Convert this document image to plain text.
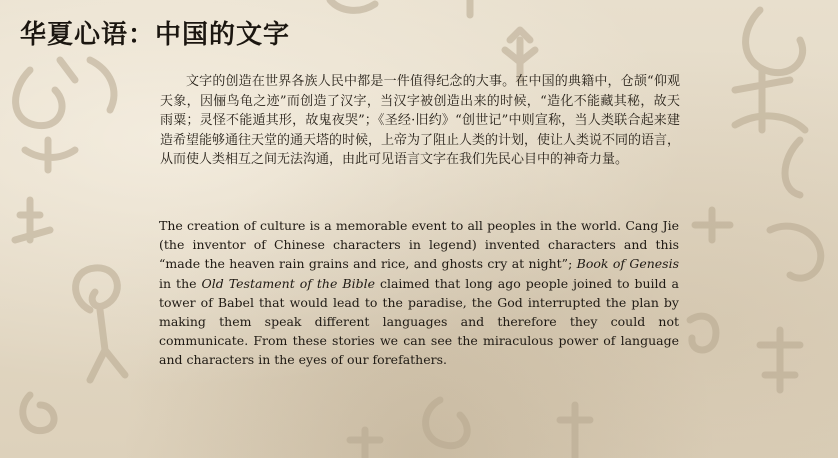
华夏心语：中国的文字

文字的创造在世界各族人民中都是一件值得纪念的大事。在中国的典籍中，仓颉“仰观天象，因俪鸟龟之迹”而创造了汉字，当汉字被创造出来的时候，“造化不能藏其秘，故天雨粟；灵怪不能遁其形，故鬼夜哭”；《圣经·旧约》“创世记”中则宣称，当人类联合起来建造希望能够通往天堂的通天塔的时候，上帝为了阻止人类的计划，使让人类说不同的语言，从而使人类相互之间无法沟通，由此可见语言文字在我们先民心目中的神奇力量。

The creation of culture is a memorable event to all peoples in the world. Cang Jie (the inventor of Chinese characters in legend) invented characters and this “made the heaven rain grains and rice, and ghosts cry at night”; Book of Genesis in the Old Testament of the Bible claimed that long ago people joined to build a tower of Babel that would lead to the paradise, the God interrupted the plan by making them speak different languages and therefore they could not communicate. From these stories we can see the miraculous power of language and characters in the eyes of our forefathers.
